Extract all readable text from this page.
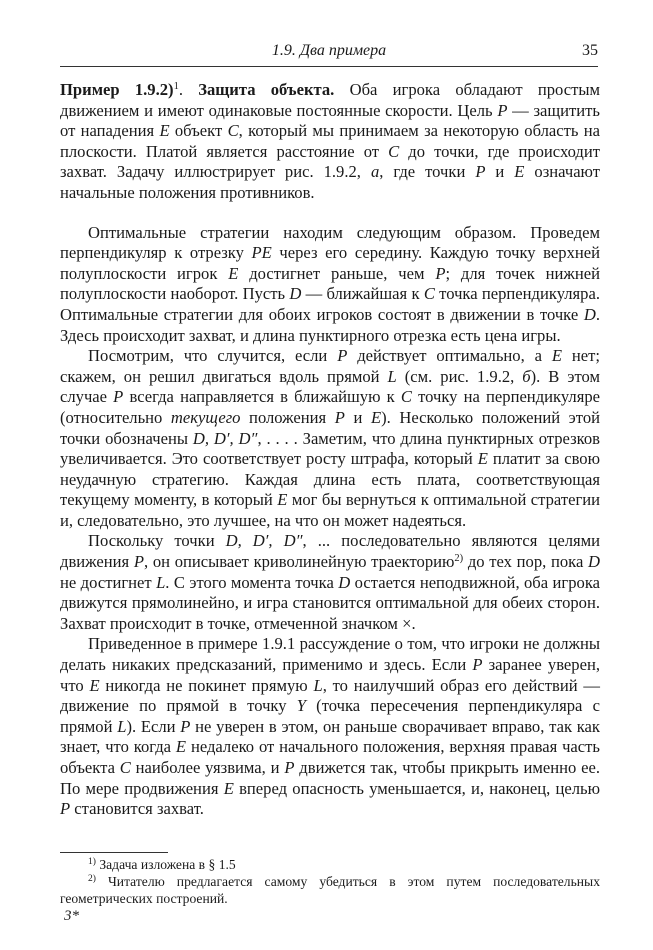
1.9. Два примера	35

Пример 1.9.2)$^1$. Защита объекта. Оба игрока обладают простым движением и имеют одинаковые постоянные скорости. Цель P — защитить от нападения E объект C, который мы принимаем за некоторую область на плоскости. Платой является расстояние от C до точки, где происходит захват. Задачу иллюстрирует рис. 1.9.2, a, где точки P и E означают начальные положения противников.

Оптимальные стратегии находим следующим образом. Проведем перпендикуляр к отрезку PE через его середину. Каждую точку верхней полуплоскости игрок E достигнет раньше, чем P; для точек нижней полуплоскости наоборот. Пусть D — ближайшая к C точка перпендикуляра. Оптимальные стратегии для обоих игроков состоят в движении в точке D. Здесь происходит захват, и длина пунктирного отрезка есть цена игры.

Посмотрим, что случится, если P действует оптимально, а E нет; скажем, он решил двигаться вдоль прямой L (см. рис. 1.9.2, б). В этом случае P всегда направляется в ближайшую к C точку на перпендикуляре (относительно текущего положения P и E). Несколько положений этой точки обозначены D, D′, D″, . . . . Заметим, что длина пунктирных отрезков увеличивается. Это соответствует росту штрафа, который E платит за свою неудачную стратегию. Каждая длина есть плата, соответствующая текущему моменту, в который E мог бы вернуться к оптимальной стратегии и, следовательно, это лучшее, на что он может надеяться.

Поскольку точки D, D′, D″, ... последовательно являются целями движения P, он описывает криволинейную траекторию$^{2)}$ до тех пор, пока D не достигнет L. С этого момента точка D остается неподвижной, оба игрока движутся прямолинейно, и игра становится оптимальной для обеих сторон. Захват происходит в точке, отмеченной значком ×.

Приведенное в примере 1.9.1 рассуждение о том, что игроки не должны делать никаких предсказаний, применимо и здесь. Если P заранее уверен, что E никогда не покинет прямую L, то наилучший образ его действий — движение по прямой в точку Y (точка пересечения перпендикуляра с прямой L). Если P не уверен в этом, он раньше сворачивает вправо, так как знает, что когда E недалеко от начального положения, верхняя правая часть объекта C наиболее уязвима, и P движется так, чтобы прикрыть именно ее. По мере продвижения E вперед опасность уменьшается, и, наконец, целью P становится захват.

$^{1)}$ Задача изложена в § 1.5

$^{2)}$ Читателю предлагается самому убедиться в этом путем последовательных геометрических построений.

3*
